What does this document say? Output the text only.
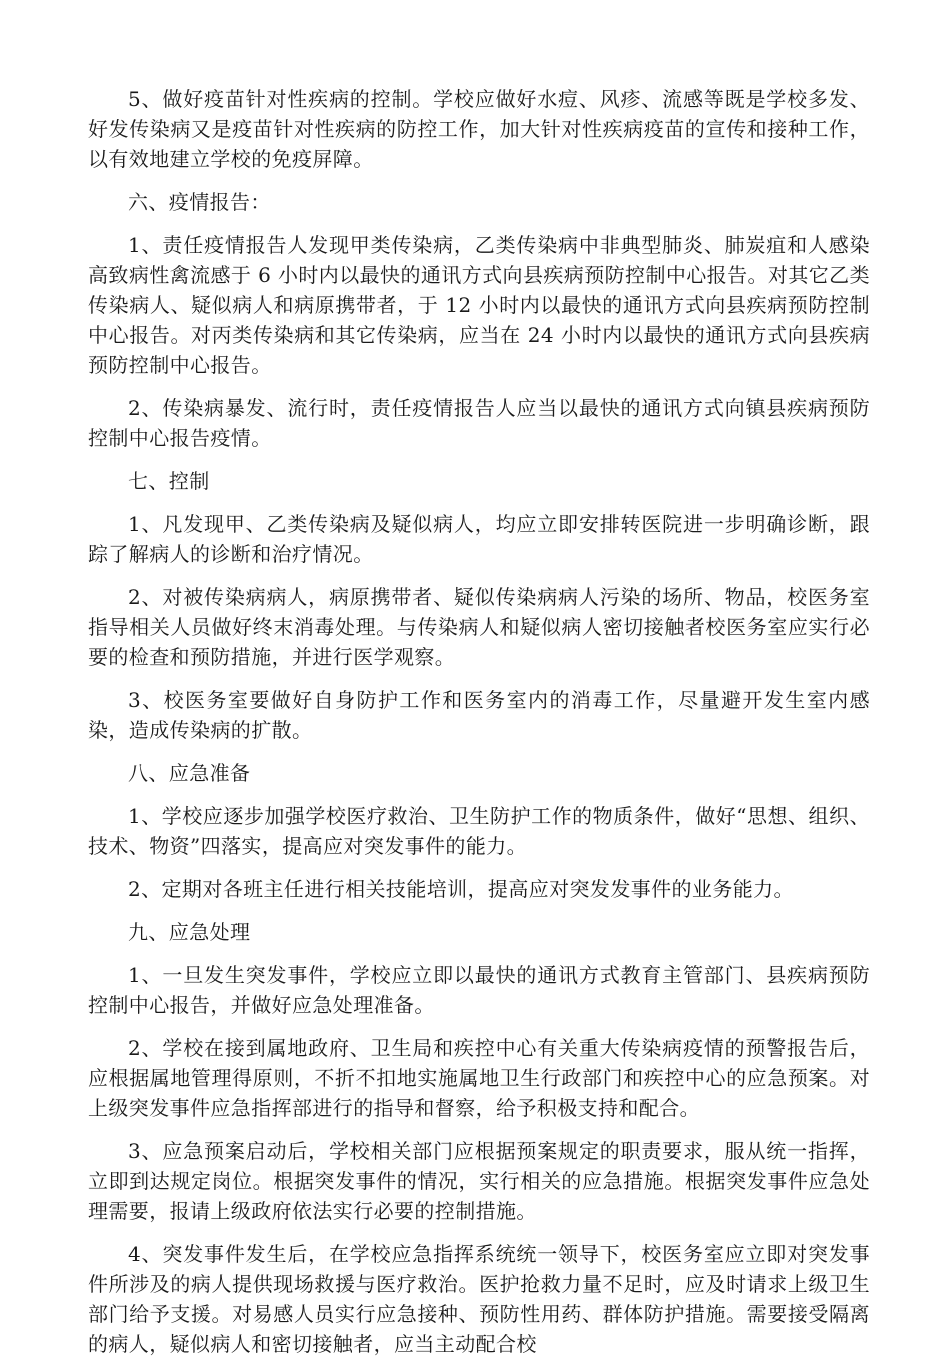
5、做好疫苗针对性疾病的控制。学校应做好水痘、风疹、流感等既是学校多发、好发传染病又是疫苗针对性疾病的防控工作，加大针对性疾病疫苗的宣传和接种工作，以有效地建立学校的免疫屏障。

六、疫情报告：

1、责任疫情报告人发现甲类传染病，乙类传染病中非典型肺炎、肺炭疽和人感染高致病性禽流感于 6 小时内以最快的通讯方式向县疾病预防控制中心报告。对其它乙类传染病人、疑似病人和病原携带者，于 12 小时内以最快的通讯方式向县疾病预防控制中心报告。对丙类传染病和其它传染病，应当在 24 小时内以最快的通讯方式向县疾病预防控制中心报告。

2、传染病暴发、流行时，责任疫情报告人应当以最快的通讯方式向镇县疾病预防控制中心报告疫情。

七、控制

1、凡发现甲、乙类传染病及疑似病人，均应立即安排转医院进一步明确诊断，跟踪了解病人的诊断和治疗情况。

2、对被传染病病人，病原携带者、疑似传染病病人污染的场所、物品，校医务室指导相关人员做好终末消毒处理。与传染病人和疑似病人密切接触者校医务室应实行必要的检查和预防措施，并进行医学观察。

3、校医务室要做好自身防护工作和医务室内的消毒工作，尽量避开发生室内感染，造成传染病的扩散。

八、应急准备

1、学校应逐步加强学校医疗救治、卫生防护工作的物质条件，做好“思想、组织、技术、物资”四落实，提高应对突发事件的能力。

2、定期对各班主任进行相关技能培训，提高应对突发发事件的业务能力。

九、应急处理

1、一旦发生突发事件，学校应立即以最快的通讯方式教育主管部门、县疾病预防控制中心报告，并做好应急处理准备。

2、学校在接到属地政府、卫生局和疾控中心有关重大传染病疫情的预警报告后，应根据属地管理得原则，不折不扣地实施属地卫生行政部门和疾控中心的应急预案。对上级突发事件应急指挥部进行的指导和督察，给予积极支持和配合。

3、应急预案启动后，学校相关部门应根据预案规定的职责要求，服从统一指挥，立即到达规定岗位。根据突发事件的情况，实行相关的应急措施。根据突发事件应急处理需要，报请上级政府依法实行必要的控制措施。

4、突发事件发生后，在学校应急指挥系统统一领导下，校医务室应立即对突发事件所涉及的病人提供现场救援与医疗救治。医护抢救力量不足时，应及时请求上级卫生部门给予支援。对易感人员实行应急接种、预防性用药、群体防护措施。需要接受隔离的病人，疑似病人和密切接触者，应当主动配合校
